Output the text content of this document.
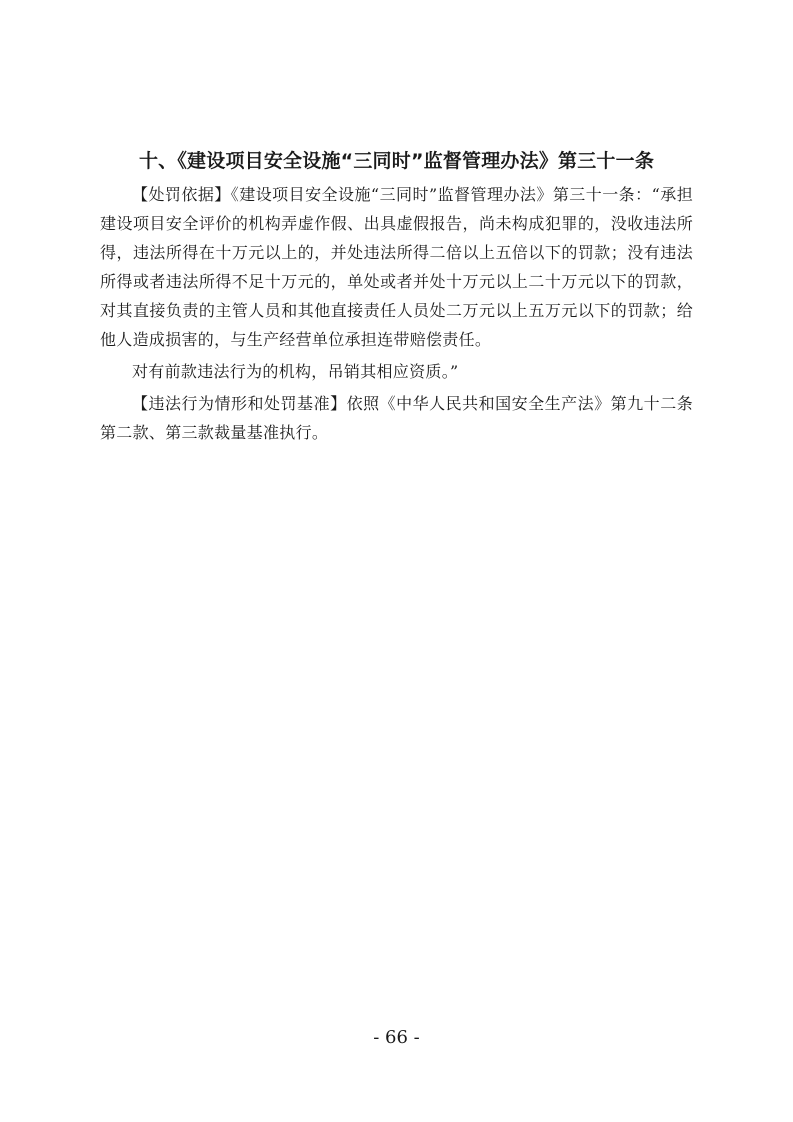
十、《建设项目安全设施“三同时”监督管理办法》第三十一条

【处罚依据】《建设项目安全设施“三同时”监督管理办法》第三十一条：“承担建设项目安全评价的机构弄虚作假、出具虚假报告，尚未构成犯罪的，没收违法所得，违法所得在十万元以上的，并处违法所得二倍以上五倍以下的罚款；没有违法所得或者违法所得不足十万元的，单处或者并处十万元以上二十万元以下的罚款，对其直接负责的主管人员和其他直接责任人员处二万元以上五万元以下的罚款；给他人造成损害的，与生产经营单位承担连带赔偿责任。

对有前款违法行为的机构，吊销其相应资质。”

【违法行为情形和处罚基准】依照《中华人民共和国安全生产法》第九十二条第二款、第三款裁量基准执行。

- 66 -
